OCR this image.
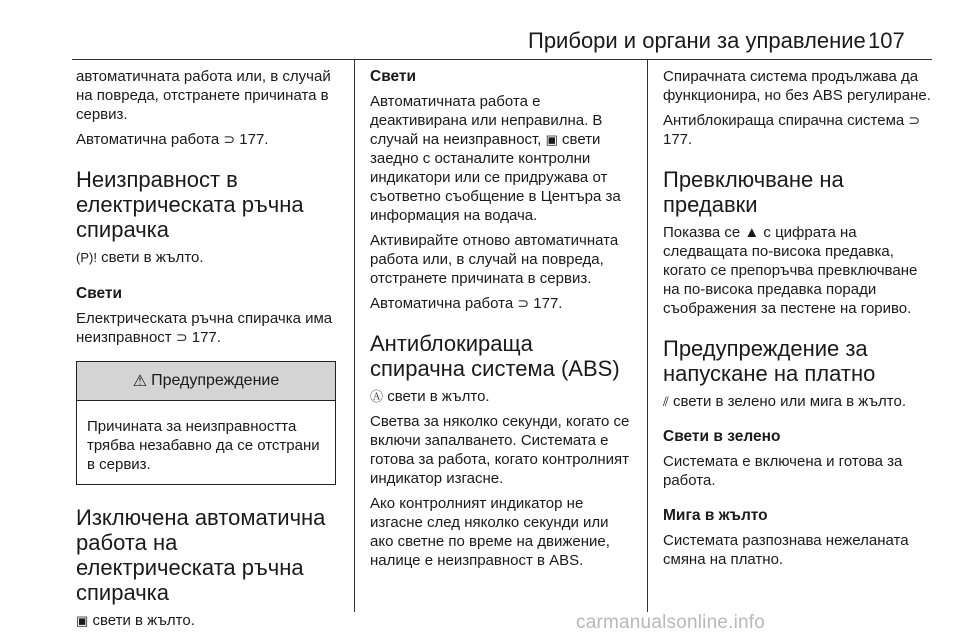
Прибори и органи за управление 107

автоматичната работа или, в случай на повреда, отстранете причината в сервиз.

Автоматична работа ⊃ 177.

Неизправност в електрическата ръчна спирачка

(P)! свети в жълто.

Свети

Електрическата ръчна спирачка има неизправност ⊃ 177.

⚠ Предупреждение
Причината за неизправността трябва незабавно да се отстрани в сервиз.
Изключена автоматична работа на електрическата ръчна спирачка

▣ свети в жълто.

Свети

Автоматичната работа е деактивирана или неправилна. В случай на неизправност, ▣ свети заедно с останалите контролни индикатори или се придружава от съответно съобщение в Центъра за информация на водача.

Активирайте отново автоматичната работа или, в случай на повреда, отстранете причината в сервиз.

Автоматична работа ⊃ 177.

Антиблокираща спирачна система (ABS)

Ⓐ свети в жълто.

Светва за няколко секунди, когато се включи запалването. Системата е готова за работа, когато контролният индикатор изгасне.

Ако контролният индикатор не изгасне след няколко секунди или ако светне по време на движение, налице е неизправност в ABS.

Спирачната система продължава да функционира, но без ABS регулиране.

Антиблокираща спирачна система ⊃ 177.

Превключване на предавки

Показва се ▲ с цифрата на следващата по-висока предавка, когато се препоръчва превключване на по-висока предавка поради съображения за пестене на гориво.

Предупреждение за напускане на платно

⫽ свети в зелено или мига в жълто.

Свети в зелено

Системата е включена и готова за работа.

Мига в жълто

Системата разпознава нежеланата смяна на платно.

carmanualsonline.info
